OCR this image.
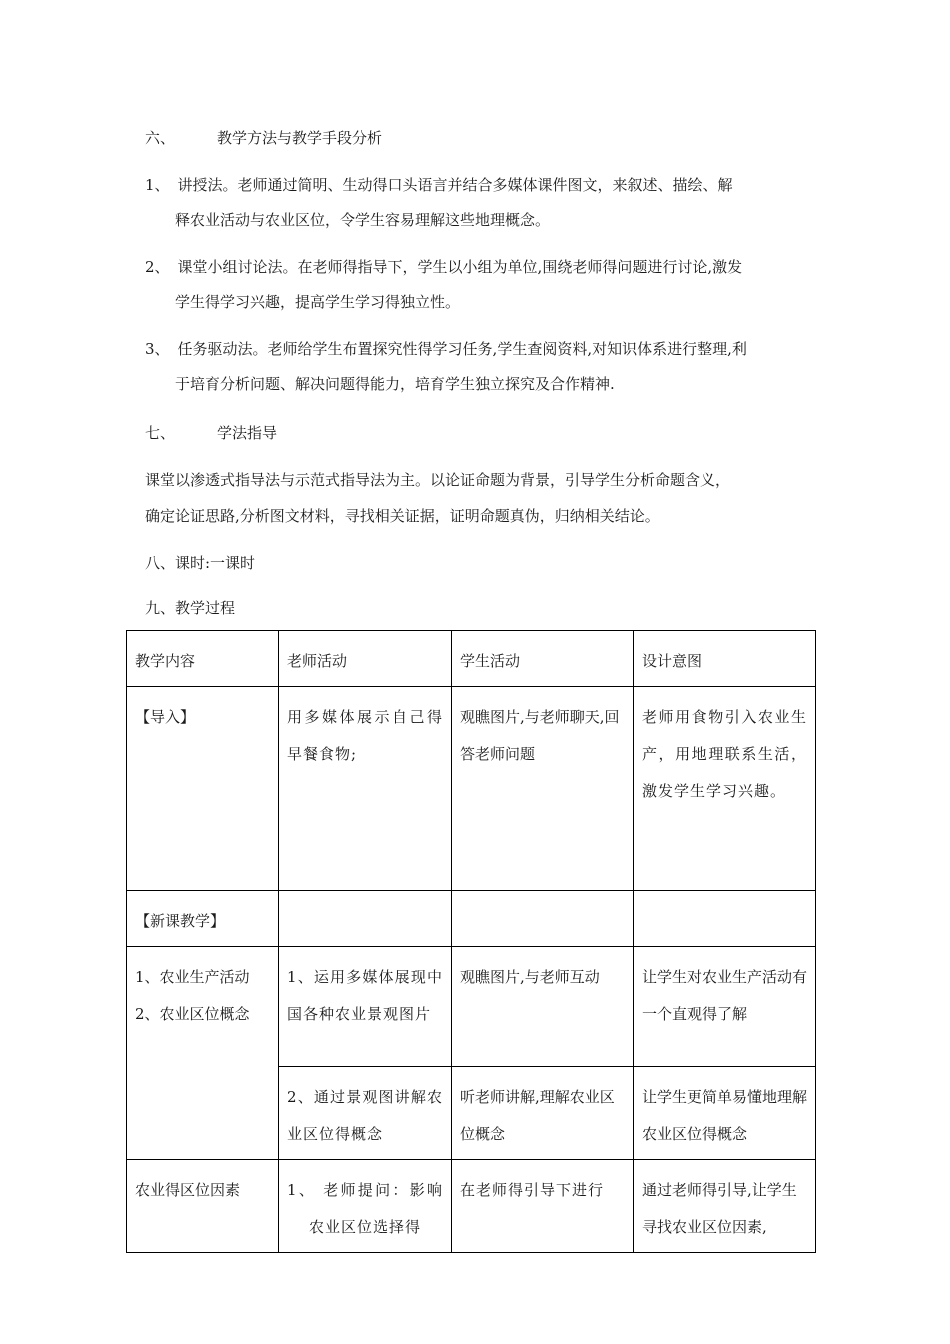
六、	教学方法与教学手段分析
1、 讲授法。老师通过简明、生动得口头语言并结合多媒体课件图文，来叙述、描绘、解
释农业活动与农业区位，令学生容易理解这些地理概念。
2、 课堂小组讨论法。在老师得指导下，学生以小组为单位,围绕老师得问题进行讨论,激发
学生得学习兴趣，提高学生学习得独立性。
3、 任务驱动法。老师给学生布置探究性得学习任务,学生查阅资料,对知识体系进行整理,利
于培育分析问题、解决问题得能力，培育学生独立探究及合作精神.
七、	学法指导
课堂以渗透式指导法与示范式指导法为主。以论证命题为背景，引导学生分析命题含义，
确定论证思路,分析图文材料，寻找相关证据，证明命题真伪，归纳相关结论。
八、课时:一课时
九、教学过程
教学内容	老师活动	学生活动	设计意图
【导入】	用多媒体展示自己得早餐食物;	观瞧图片,与老师聊天,回答老师问题	老师用食物引入农业生产，用地理联系生活，激发学生学习兴趣。
【新课教学】			

1、农业生产活动
2、农业区位概念	1、运用多媒体展现中国各种农业景观图片	观瞧图片,与老师互动	让学生对农业生产活动有一个直观得了解
	2、通过景观图讲解农业区位得概念	听老师讲解,理解农业区位概念	让学生更简单易懂地理解农业区位得概念
农业得区位因素	1、 老师提问：影响农业区位选择得	在老师得引导下进行	通过老师得引导,让学生寻找农业区位因素,
